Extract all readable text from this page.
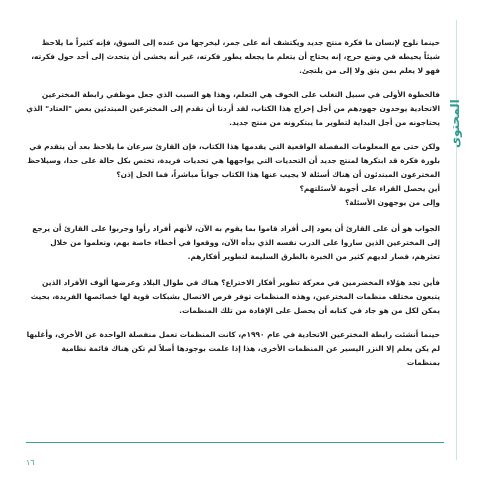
المحتوى

حينما نلوح لإنسان ما فكرة منتج جديد ويكتشف أنه على جمر، ليخرجها من عنده إلى السوق، فإنه كثيراً ما يلاحظ شيئاً يحيطه في وضع حرج، إنه يحتاج أن يتعلم ما يجعله يطور فكرته، غير أنه يخشى أن يتحدث إلى أحد حول فكرته، فهو لا يعلم بمن يثق ولا إلى من يلتجئ.

فالخطوة الأولى في سبيل التغلب على الخوف هي التعلم، وهذا هو السبب الذي جعل موظفي رابطة المخترعين الاتحادية يوحدون جهودهم من أجل إخراج هذا الكتاب، لقد أردنا أن نقدم إلى المخترعين المبتدئين بعض "العتاد" الذي يحتاجونه من أجل البداية لتطوير ما يبتكرونه من منتج جديد.

ولكن حتى مع المعلومات المفصلة الواقعية التي يقدمها هذا الكتاب، فإن القارئ سرعان ما يلاحظ بعد أن يتقدم في بلورة فكرة قد ابتكرها لمنتج جديد أن التحديات التي يواجهها هي تحديات فريدة، تختص بكل حالة على حدا، وسيلاحظ المخترعون المبتدئون أن هناك أسئلة لا يجيب عنها هذا الكتاب جواباً مباشراً، فما الحل إذن؟

أين يحصل القراء على أجوبة لأسئلتهم؟

وإلى من يوجهون الأسئلة؟

الجواب هو أن على القارئ أن يعود إلى أفراد قاموا بما يقوم به الآن، لأنهم أفراد رأوا وجربوا على القارئ أن يرجع إلى المخترعين الذين ساروا على الدرب نفسه الذي بدأه الآن، ووقعوا في أخطاء خاصة بهم، وتعلموا من خلال تعثرهم، فصار لديهم كثير من الخبرة بالطرق السليمة لتطوير أفكارهم.

فأين تجد هؤلاء المخضرمين في معركة تطوير أفكار الاختراع؟ هناك في طوال البلاد وعرضها ألوف الأفراد الذين يتبعون مختلف منظمات المخترعين، وهذه المنظمات توفر فرص الاتصال بشبكات قوية لها خصائصها الفريدة، بحيث يمكن لكل من هو جاد في كتابه أن يحصل على الإفادة من تلك المنظمات.

حينما أنشئت رابطة المخترعين الاتحادية في عام ١٩٩٠م، كانت المنظمات تعمل منفصلة الواحدة عن الأخرى، وأغلبها لم يكن يعلم إلا النزر اليسير عن المنظمات الأخرى، هذا إذا علمت بوجودها أصلاً لم تكن هناك قائمة نظامية بمنظمات

١٦
